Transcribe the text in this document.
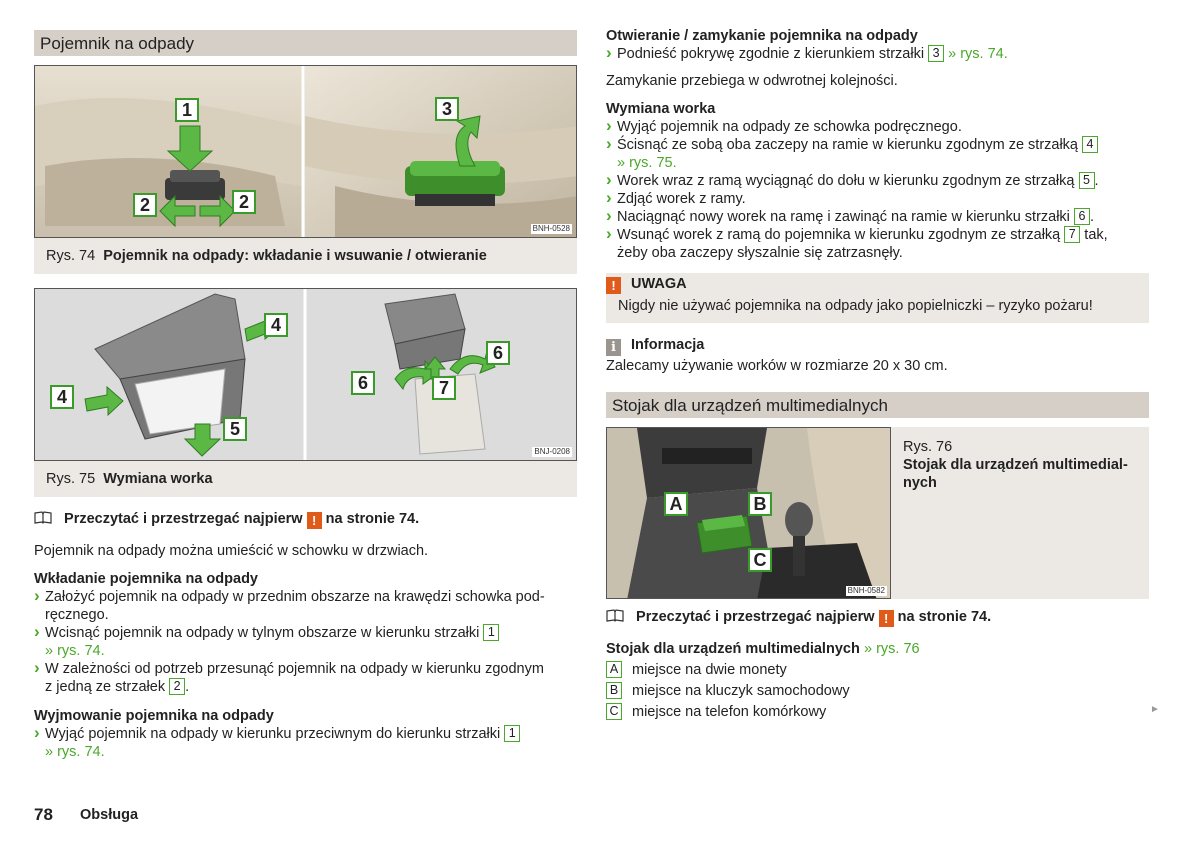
Pojemnik na odpady
1
2	2
3
BNH-0528
Rys. 74 Pojemnik na odpady: wkładanie i wsuwanie / otwieranie
4
4
5
6
6	7
BNJ-0208
Rys. 75 Wymiana worka
Przeczytać i przestrzegać najpierw ! na stronie 74.
Pojemnik na odpady można umieścić w schowku w drzwiach.
Wkładanie pojemnika na odpady
› Założyć pojemnik na odpady w przednim obszarze na krawędzi schowka pod-
ręcznego.
› Wcisnąć pojemnik na odpady w tylnym obszarze w kierunku strzałki 1
» rys. 74.
› W zależności od potrzeb przesunąć pojemnik na odpady w kierunku zgodnym
z jedną ze strzałek 2 .
Wyjmowanie pojemnika na odpady
› Wyjąć pojemnik na odpady w kierunku przeciwnym do kierunku strzałki 1
» rys. 74.
Otwieranie / zamykanie pojemnika na odpady
› Podnieść pokrywę zgodnie z kierunkiem strzałki 3 » rys. 74.
Zamykanie przebiega w odwrotnej kolejności.
Wymiana worka
› Wyjąć pojemnik na odpady ze schowka podręcznego.
› Ścisnąć ze sobą oba zaczepy na ramie w kierunku zgodnym ze strzałką 4
» rys. 75.
› Worek wraz z ramą wyciągnąć do dołu w kierunku zgodnym ze strzałką 5 .
› Zdjąć worek z ramy.
› Naciągnąć nowy worek na ramę i zawinąć na ramie w kierunku strzałki 6 .
› Wsunąć worek z ramą do pojemnika w kierunku zgodnym ze strzałką 7 tak,
żeby oba zaczepy słyszalnie się zatrzasnęły.
! UWAGA
Nigdy nie używać pojemnika na odpady jako popielniczki – ryzyko pożaru!
i Informacja
Zalecamy używanie worków w rozmiarze 20 x 30 cm.
Stojak dla urządzeń multimedialnych
A	B
C
BNH-0582
Rys. 76
Stojak dla urządzeń multimedial-
nych
Przeczytać i przestrzegać najpierw ! na stronie 74.
Stojak dla urządzeń multimedialnych » rys. 76
A miejsce na dwie monety
B miejsce na kluczyk samochodowy
C miejsce na telefon komórkowy	►
78 Obsługa
